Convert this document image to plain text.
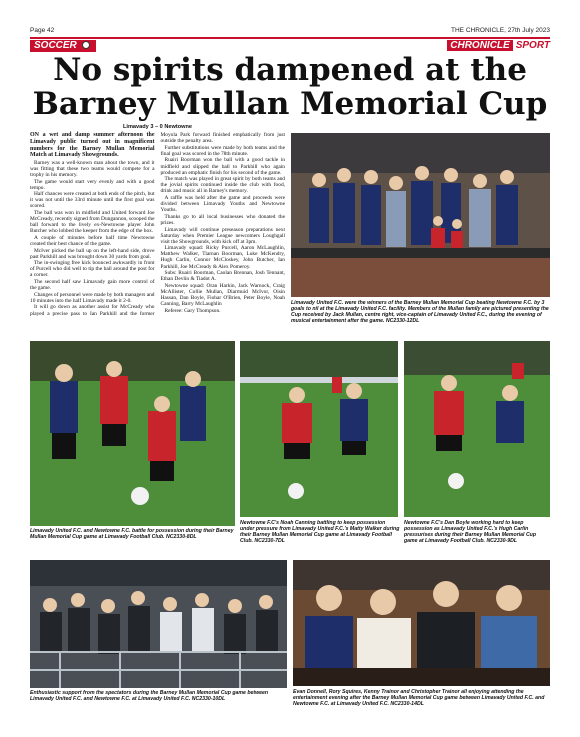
Page 42	THE CHRONICLE, 27th July 2023
SOCCER	CHRONICLE SPORT
No spirits dampened at the
Barney Mullan Memorial Cup
Limavady 3 – 0 Newtowne

ON a wet and damp summer afternoon the Limavady public turned out in magnificent numbers for the Barney Mullan Memorial Match at Limavady Showgrounds.

Barney was a well-known man about the town, and it was fitting that these two teams would compete for a trophy in his memory.

The game would start very evenly and with a good tempo.

Half chances were created at both ends of the pitch, but it was not until the 33rd minute until the first goal was scored.

The ball was won in midfield and United forward Joe McCready, recently signed from Dungannon, scooped the ball forward to the lively ex-Newtowne player John Butcher who lobbed the keeper from the edge of the box.

A couple of minutes before half time Newtowne created their best chance of the game.

McIver picked the ball up on the left-hand side, drove past Parkhill and was brought down 30 yards from goal.

The in-swinging free kick bounced awkwardly in front of Purcell who did well to tip the ball around the post for a corner.

The second half saw Limavady gain more control of the game.

Changes of personnel were made by both managers and 10 minutes into the half Limavady made it 2-0.

It will go down as another assist for McCready who played a precise pass to Ian Parkhill and the former Moyola Park forward finished emphatically from just outside the penalty area.

Further substitutions were made by both teams and the final goal was scored in the 78th minute.

Ruairi Boorman won the ball with a good tackle in midfield and slipped the ball to Parkhill who again produced an emphatic finish for his second of the game.

The match was played in great spirit by both teams and the jovial spirits continued inside the club with food, drink and music all in Barney's memory.

A raffle was held after the game and proceeds were divided between Limavady Youths and Newtowne Youths.

Thanks go to all local businesses who donated the prizes.

Limavady will continue preseason preparations next Saturday when Premier League newcomers Loughgall visit the Showgrounds, with kick off at 3pm.

Limavady squad: Ricky Purcell, Aaron McLaughlin, Matthew Walker, Tiarnan Boorman, Luke McKendry, Hugh Carlin, Connor McCloskey, John Butcher, Ian Parkhill, Joe McCready & Alex Pomeroy.

Subs: Ruairi Boorman, Caolan Brennan, Josh Tennant, Ethan Devlin & Tiadot A.

Newtowne squad: Oran Harkin, Jack Warnock, Craig McAllister, Collie Mullan, Diarmuid McIvor, Oisin Hassan, Dan Boyle, Fiohar O'Brien, Peter Boyle, Noah Canning, Barry McLaughlin

Referee: Gary Thompson.

Limavady United F.C. were the winners of the Barney Mullan Memorial Cup beating Newtowne F.C. by 3 goals to nil at the Limavady United F.C. facility. Members of the Mullan family are pictured presenting the Cup received by Jack Mullan, centre right, vice-captain of Limavady United F.C., during the evening of musical entertainment after the game. NC2330-12DL
Limavady United F.C. and Newtowne F.C. battle for possession during their Barney Mullan Memorial Cup game at Limavady Football Club. NC2330-8DL
Newtowne F.C's Noah Canning battling to keep possession under pressure from Limavady United F.C.'s Matty Walker during their Barney Mullan Memorial Cup game at Limavady Football Club. NC2330-7DL
Newtowne F.C's Dan Boyle working hard to keep possession as Limavady United F.C.'s Hugh Carlin pressurises during their Barney Mullan Memorial Cup game at Limavady Football Club. NC2330-9DL
Enthusiastic support from the spectators during the Barney Mullan Memorial Cup game between Limavady United F.C. and Newtowne F.C. at Limavady United F.C. NC2330-10DL
Evan Donnell, Rory Squires, Kenny Trainor and Christopher Trainor all enjoying attending the entertainment evening after the Barney Mullan Memorial Cup game between Limavady United F.C. and Newtowne F.C. at Limavady United F.C. NC2330-14DL
